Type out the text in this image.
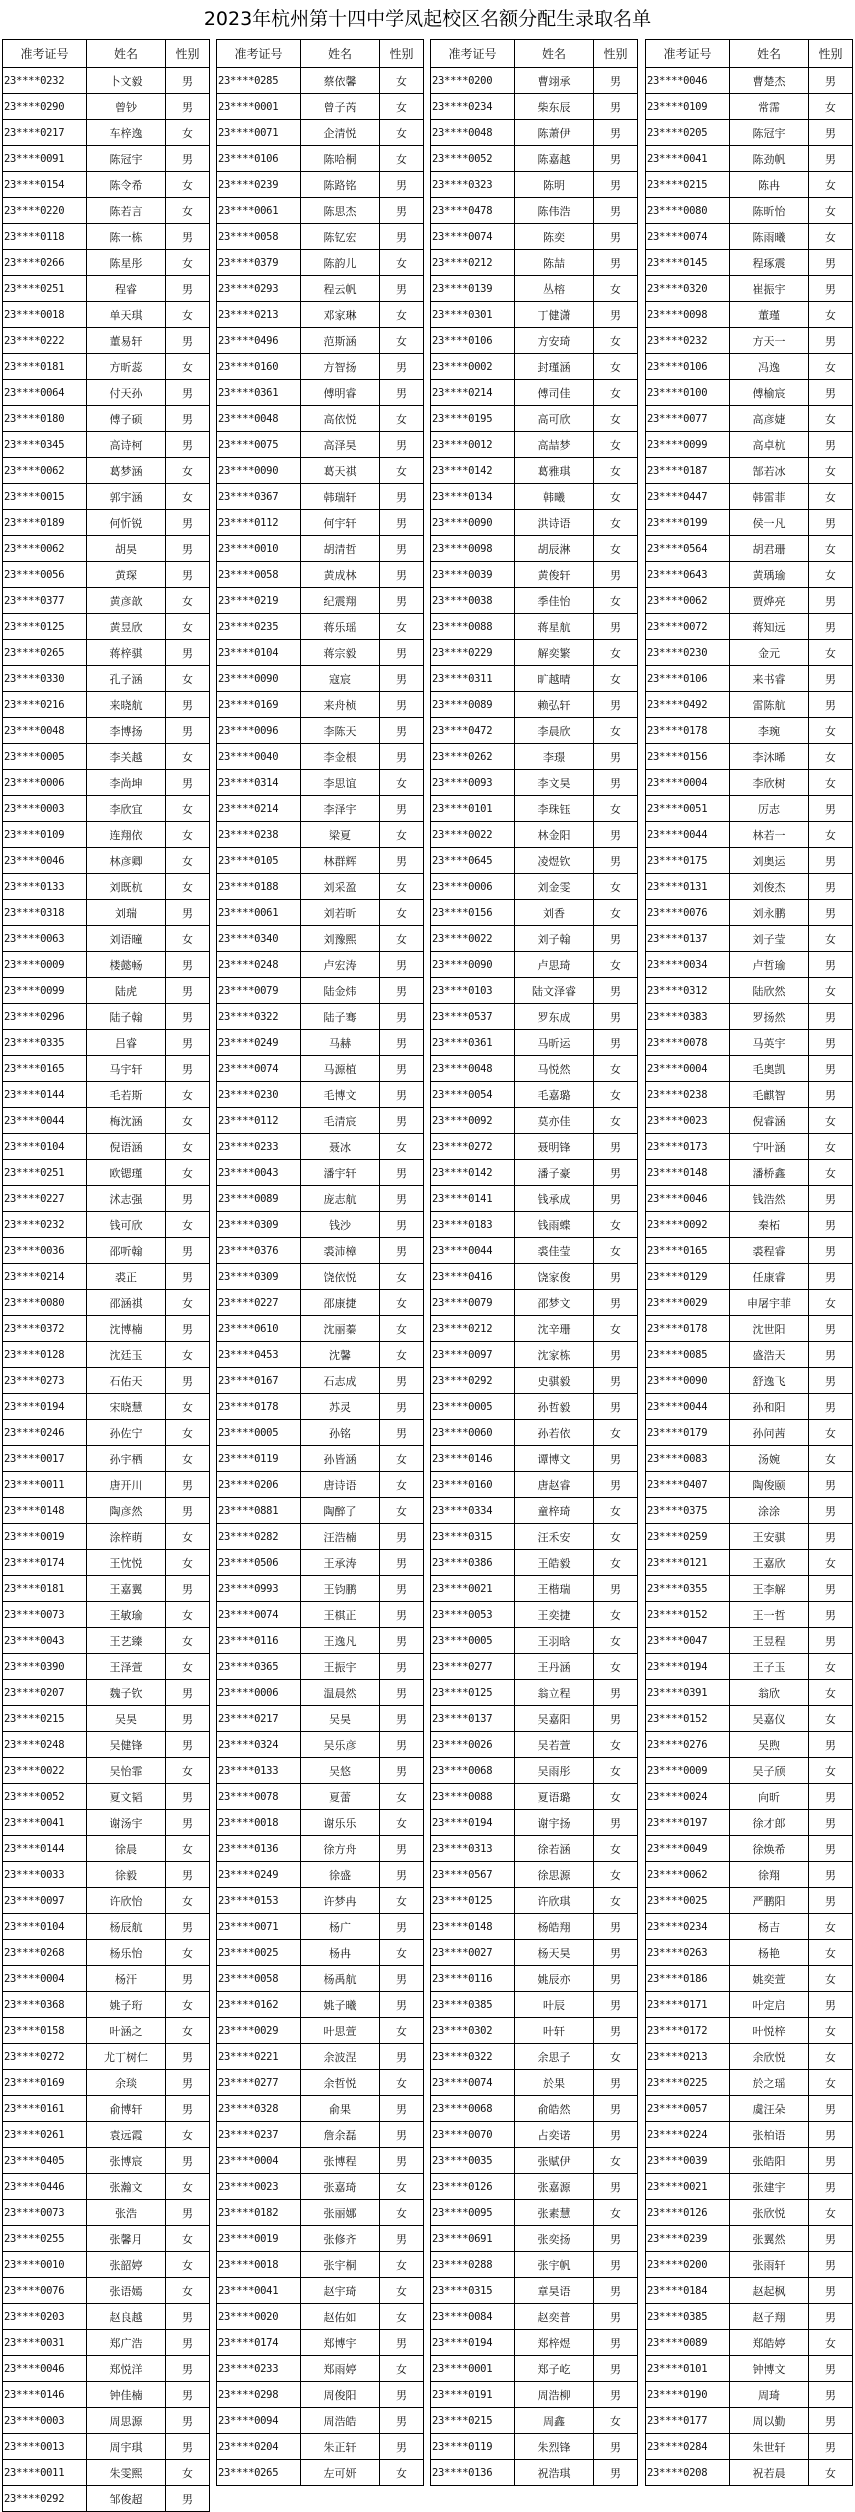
2023年杭州第十四中学凤起校区名额分配生录取名单
准考证号	姓名	性别
23****0232	卜文毅	男
23****0290	曾钞	男
23****0217	车梓逸	女
23****0091	陈冠宇	男
23****0154	陈令希	女
23****0220	陈若言	女
23****0118	陈一栋	男
23****0266	陈星彤	女
23****0251	程睿	男
23****0018	单天琪	女
23****0222	董易轩	男
23****0181	方昕蕊	女
23****0064	付天孙	男
23****0180	傅子硕	男
23****0345	高诗柯	男
23****0062	葛梦涵	女
23****0015	郭宇涵	女
23****0189	何忻锐	男
23****0062	胡昊	男
23****0056	黄琛	男
23****0377	黄彦歆	女
23****0125	黄昱欣	女
23****0265	蒋梓骐	男
23****0330	孔子涵	女
23****0216	来晓航	男
23****0048	李博扬	男
23****0005	李关越	女
23****0006	李尚坤	男
23****0003	李欣宜	女
23****0109	连翔依	女
23****0046	林彦卿	女
23****0133	刘既杭	女
23****0318	刘瑞	男
23****0063	刘语曈	女
23****0009	楼懿畅	男
23****0099	陆虎	男
23****0296	陆子翰	男
23****0335	吕睿	男
23****0165	马宇轩	男
23****0144	毛若斯	女
23****0044	梅沈涵	女
23****0104	倪语涵	女
23****0251	欧锶瑾	女
23****0227	沭志强	男
23****0232	钱可欣	女
23****0036	邵听翰	男
23****0214	裘正	男
23****0080	邵涵祺	女
23****0372	沈博楠	男
23****0128	沈廷玉	女
23****0273	石佑天	男
23****0194	宋晓慧	女
23****0246	孙佐宁	女
23****0017	孙宇栖	女
23****0011	唐开川	男
23****0148	陶彦然	男
23****0019	涂梓萌	女
23****0174	王忱悦	女
23****0181	王嘉翼	男
23****0073	王敏瑜	女
23****0043	王艺臻	女
23****0390	王泽萱	女
23****0207	魏子钦	男
23****0215	吴昊	男
23****0248	吴健锋	男
23****0022	吴怡霏	女
23****0052	夏文韬	男
23****0041	谢汤宇	男
23****0144	徐晨	女
23****0033	徐毅	男
23****0097	许欣怡	女
23****0104	杨辰航	男
23****0268	杨乐怡	女
23****0004	杨汗	男
23****0368	姚子珩	女
23****0158	叶涵之	女
23****0272	尤丁树仁	男
23****0169	余琰	男
23****0161	俞博轩	男
23****0261	袁远霞	女
23****0405	张博宸	男
23****0446	张瀚文	女
23****0073	张浩	男
23****0255	张馨月	女
23****0010	张韶婷	女
23****0076	张语嫣	女
23****0203	赵良越	男
23****0031	郑广浩	男
23****0046	郑悦洋	男
23****0146	钟佳楠	男
23****0003	周思源	男
23****0013	周宇琪	男
23****0011	朱雯熙	女
23****0292	邹俊超	男
准考证号	姓名	性别
23****0285	蔡依馨	女
23****0001	曾子芮	女
23****0071	企清悦	女
23****0106	陈哈桐	女
23****0239	陈路铭	男
23****0061	陈思杰	男
23****0058	陈钇宏	男
23****0379	陈韵儿	女
23****0293	程云帆	男
23****0213	邓家琳	女
23****0496	范斯涵	女
23****0160	方智扬	男
23****0361	傅明睿	男
23****0048	高依悦	女
23****0075	高泽昊	男
23****0090	葛天祺	女
23****0367	韩瑞轩	男
23****0112	何宇轩	男
23****0010	胡清哲	男
23****0058	黄成林	男
23****0219	纪震翔	男
23****0235	蒋乐瑶	女
23****0104	蒋宗毅	男
23****0090	寇宸	男
23****0169	来舟桢	男
23****0096	李陈天	男
23****0040	李金根	男
23****0314	李思谊	女
23****0214	李泽宇	男
23****0238	梁夏	女
23****0105	林群辉	男
23****0188	刘采盈	女
23****0061	刘若昕	女
23****0340	刘豫熙	女
23****0248	卢宏涛	男
23****0079	陆金炜	男
23****0322	陆子骞	男
23****0249	马赫	男
23****0074	马源植	男
23****0230	毛博文	男
23****0112	毛清宸	男
23****0233	聂冰	女
23****0043	潘宇轩	男
23****0089	庞志航	男
23****0309	钱沙	男
23****0376	裘沛樟	男
23****0309	饶依悦	女
23****0227	邵康捷	女
23****0610	沈丽蓁	女
23****0453	沈馨	女
23****0167	石志成	男
23****0178	苏灵	男
23****0005	孙铭	男
23****0119	孙皆涵	女
23****0206	唐诗语	女
23****0881	陶醉了	女
23****0282	汪浩楠	男
23****0506	王承涛	男
23****0993	王钧鹏	男
23****0074	王棋正	男
23****0116	王逸凡	男
23****0365	王振宇	男
23****0006	温晨然	男
23****0217	吴昊	男
23****0324	吴乐彦	男
23****0133	吴悠	男
23****0078	夏蕾	女
23****0018	谢乐乐	女
23****0136	徐方舟	男
23****0249	徐盛	男
23****0153	许梦冉	女
23****0071	杨广	男
23****0025	杨冉	女
23****0058	杨禹航	男
23****0162	姚子曦	男
23****0029	叶思萱	女
23****0221	余波涅	男
23****0277	余哲悦	女
23****0328	俞果	男
23****0237	詹余磊	男
23****0004	张博程	男
23****0023	张嘉琦	女
23****0182	张丽娜	女
23****0019	张修齐	男
23****0018	张宇桐	女
23****0041	赵宇琦	女
23****0020	赵佑如	女
23****0174	郑博宇	男
23****0233	郑雨婷	女
23****0298	周俊阳	男
23****0094	周浩皓	男
23****0204	朱正轩	男
23****0265	左可妍	女
准考证号	姓名	性别
23****0200	曹翊承	男
23****0234	柴东辰	男
23****0048	陈萧伊	男
23****0052	陈嘉越	男
23****0323	陈明	男
23****0478	陈伟浩	男
23****0074	陈奕	男
23****0212	陈喆	男
23****0139	丛榕	女
23****0301	丁健潇	男
23****0106	方安琦	女
23****0002	封瑾涵	女
23****0214	傅司佳	女
23****0195	高可欣	女
23****0012	高喆梦	女
23****0142	葛雅琪	女
23****0134	韩曦	女
23****0090	洪诗语	女
23****0098	胡辰淋	女
23****0039	黄俊轩	男
23****0038	季佳怡	女
23****0088	蒋星航	男
23****0229	解奕繁	女
23****0311	旷越晴	女
23****0089	赖弘轩	男
23****0472	李晨欣	女
23****0262	李璟	男
23****0093	李文昊	男
23****0101	李珠钰	女
23****0022	林金阳	男
23****0645	凌煜钦	男
23****0006	刘金雯	女
23****0156	刘香	女
23****0022	刘子翰	男
23****0090	卢思琦	女
23****0103	陆文泽睿	男
23****0537	罗东成	男
23****0361	马昕运	男
23****0048	马悦然	女
23****0054	毛嘉璐	女
23****0092	莫亦佳	女
23****0272	聂明锋	男
23****0142	潘子豪	男
23****0141	钱承成	男
23****0183	钱雨蝶	女
23****0044	裘佳莹	女
23****0416	饶家俊	男
23****0079	邵梦文	男
23****0212	沈辛珊	女
23****0097	沈家栋	男
23****0292	史骐毅	男
23****0005	孙哲毅	男
23****0060	孙若依	女
23****0146	谭博文	男
23****0160	唐赵睿	男
23****0334	童梓琦	女
23****0315	汪禾安	女
23****0386	王皓毅	女
23****0021	王楷瑞	男
23****0053	王奕捷	女
23****0005	王羽晗	女
23****0277	王丹涵	女
23****0125	翁立程	男
23****0137	吴嘉阳	男
23****0026	吴若萱	女
23****0068	吴雨彤	女
23****0088	夏语璐	女
23****0194	谢宇扬	男
23****0313	徐若涵	女
23****0567	徐思源	女
23****0125	许欣琪	女
23****0148	杨皓翔	男
23****0027	杨天昊	男
23****0116	姚辰亦	男
23****0385	叶辰	男
23****0302	叶轩	男
23****0322	余思子	女
23****0074	於果	男
23****0068	俞皓然	男
23****0070	占奕诺	男
23****0035	张赋伊	女
23****0126	张嘉源	男
23****0095	张素慧	女
23****0691	张奕扬	男
23****0288	张宇帆	男
23****0315	章昊语	男
23****0084	赵奕普	男
23****0194	郑梓煜	男
23****0001	郑子屹	男
23****0191	周浩柳	男
23****0215	周鑫	女
23****0119	朱烈锋	男
23****0136	祝浩琪	男
准考证号	姓名	性别
23****0046	曹楚杰	男
23****0109	常霈	女
23****0205	陈冠宇	男
23****0041	陈劲帆	男
23****0215	陈冉	女
23****0080	陈昕怡	女
23****0074	陈雨曦	女
23****0145	程琢震	男
23****0320	崔振宇	男
23****0098	董瑾	女
23****0232	方天一	男
23****0106	冯逸	女
23****0100	傅榆宸	男
23****0077	高彦婕	女
23****0099	高卓杭	男
23****0187	郜若冰	女
23****0447	韩雷菲	女
23****0199	侯一凡	男
23****0564	胡君珊	女
23****0643	黄瑀瑜	女
23****0062	贾烨亮	男
23****0072	蒋知远	男
23****0230	金元	女
23****0106	来书睿	男
23****0492	雷陈航	男
23****0178	李琬	女
23****0156	李沐晞	女
23****0004	李欣树	女
23****0051	厉志	男
23****0044	林若一	女
23****0175	刘奥运	男
23****0131	刘俊杰	男
23****0076	刘永鹏	男
23****0137	刘子莹	女
23****0034	卢哲瑜	男
23****0312	陆欣然	女
23****0383	罗扬然	男
23****0078	马英宇	男
23****0004	毛奥凯	男
23****0238	毛麒智	男
23****0023	倪睿涵	女
23****0173	宁叶涵	女
23****0148	潘桥鑫	女
23****0046	钱浩然	男
23****0092	秦柘	男
23****0165	裘程睿	男
23****0129	任康睿	男
23****0029	申屠宇菲	女
23****0178	沈世阳	男
23****0085	盛浩天	男
23****0090	舒逸飞	男
23****0044	孙和阳	男
23****0179	孙问茜	女
23****0083	汤婉	女
23****0407	陶俊颐	男
23****0375	涂涂	男
23****0259	王安骐	男
23****0121	王嘉欣	女
23****0355	王李解	男
23****0152	王一哲	男
23****0047	王昱程	男
23****0194	王子玉	女
23****0391	翁欣	女
23****0152	吴嘉仪	女
23****0276	吴煦	男
23****0009	吴子颀	女
23****0024	向昕	男
23****0197	徐才郎	男
23****0049	徐焕希	男
23****0062	徐翔	男
23****0025	严鹏阳	男
23****0234	杨吉	女
23****0263	杨艳	女
23****0186	姚奕萱	女
23****0171	叶定启	男
23****0172	叶悦梓	女
23****0213	余欣悦	女
23****0225	於之瑶	女
23****0057	虞汪朵	男
23****0224	张柏语	男
23****0039	张皓阳	男
23****0021	张建宇	男
23****0126	张欣悦	女
23****0239	张翼然	男
23****0200	张雨轩	男
23****0184	赵起枫	男
23****0385	赵子翔	男
23****0089	郑皓婷	女
23****0101	钟博文	男
23****0190	周琦	男
23****0177	周以勤	男
23****0284	朱世轩	男
23****0208	祝若晨	女
